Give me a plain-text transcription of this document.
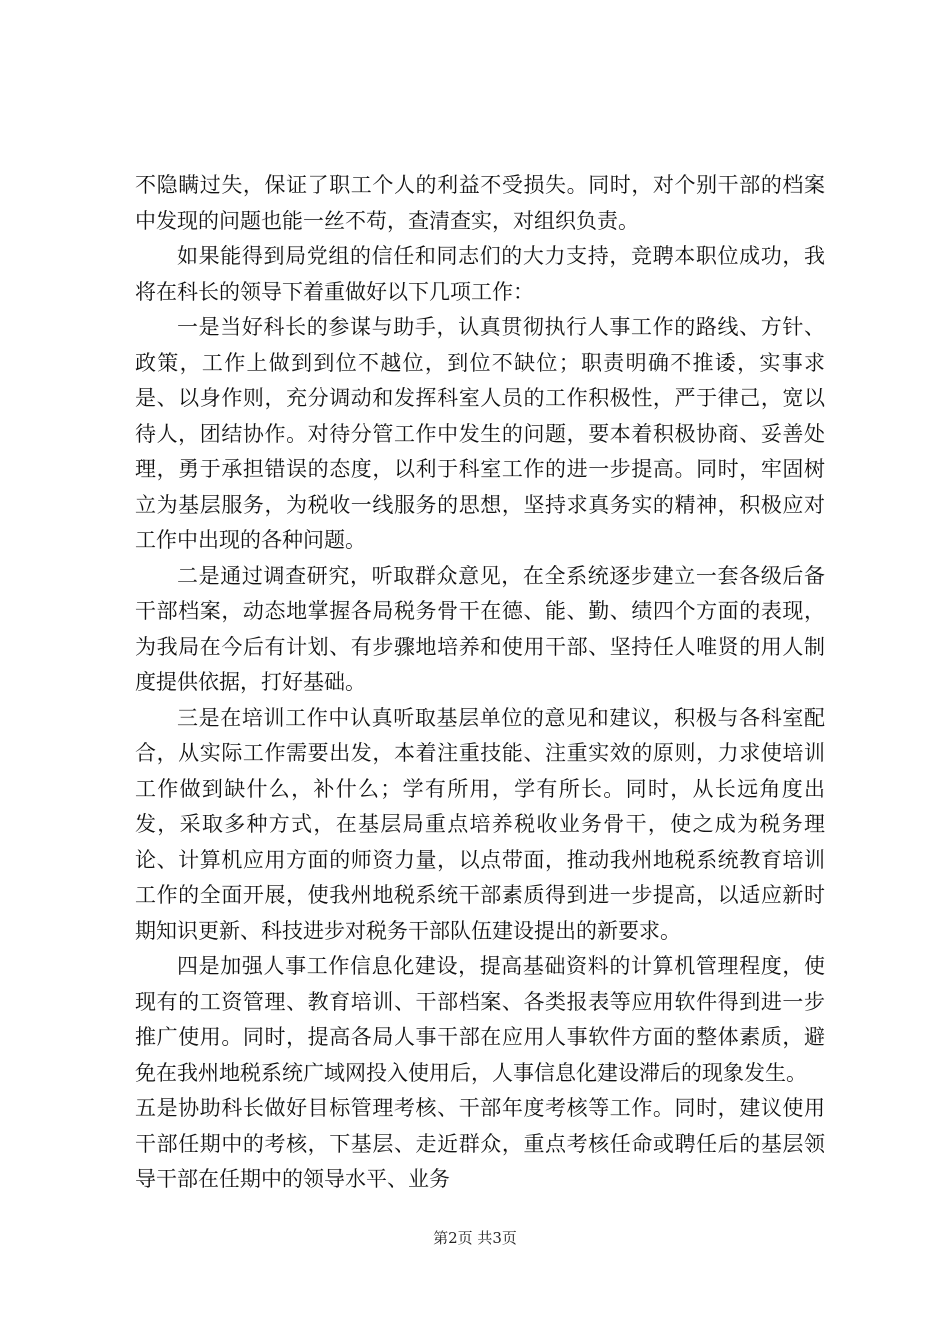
不隐瞒过失，保证了职工个人的利益不受损失。同时，对个别干部的档案中发现的问题也能一丝不苟，查清查实，对组织负责。

如果能得到局党组的信任和同志们的大力支持，竞聘本职位成功，我将在科长的领导下着重做好以下几项工作：

一是当好科长的参谋与助手，认真贯彻执行人事工作的路线、方针、政策，工作上做到到位不越位，到位不缺位；职责明确不推诿，实事求是、以身作则，充分调动和发挥科室人员的工作积极性，严于律己，宽以待人，团结协作。对待分管工作中发生的问题，要本着积极协商、妥善处理，勇于承担错误的态度，以利于科室工作的进一步提高。同时，牢固树立为基层服务，为税收一线服务的思想，坚持求真务实的精神，积极应对工作中出现的各种问题。

二是通过调查研究，听取群众意见，在全系统逐步建立一套各级后备干部档案，动态地掌握各局税务骨干在德、能、勤、绩四个方面的表现，为我局在今后有计划、有步骤地培养和使用干部、坚持任人唯贤的用人制度提供依据，打好基础。

三是在培训工作中认真听取基层单位的意见和建议，积极与各科室配合，从实际工作需要出发，本着注重技能、注重实效的原则，力求使培训工作做到缺什么，补什么；学有所用，学有所长。同时，从长远角度出发，采取多种方式，在基层局重点培养税收业务骨干，使之成为税务理论、计算机应用方面的师资力量，以点带面，推动我州地税系统教育培训工作的全面开展，使我州地税系统干部素质得到进一步提高，以适应新时期知识更新、科技进步对税务干部队伍建设提出的新要求。

四是加强人事工作信息化建设，提高基础资料的计算机管理程度，使现有的工资管理、教育培训、干部档案、各类报表等应用软件得到进一步推广使用。同时，提高各局人事干部在应用人事软件方面的整体素质，避免在我州地税系统广域网投入使用后，人事信息化建设滞后的现象发生。

五是协助科长做好目标管理考核、干部年度考核等工作。同时，建议使用干部任期中的考核，下基层、走近群众，重点考核任命或聘任后的基层领导干部在任期中的领导水平、业务

第2页 共3页
